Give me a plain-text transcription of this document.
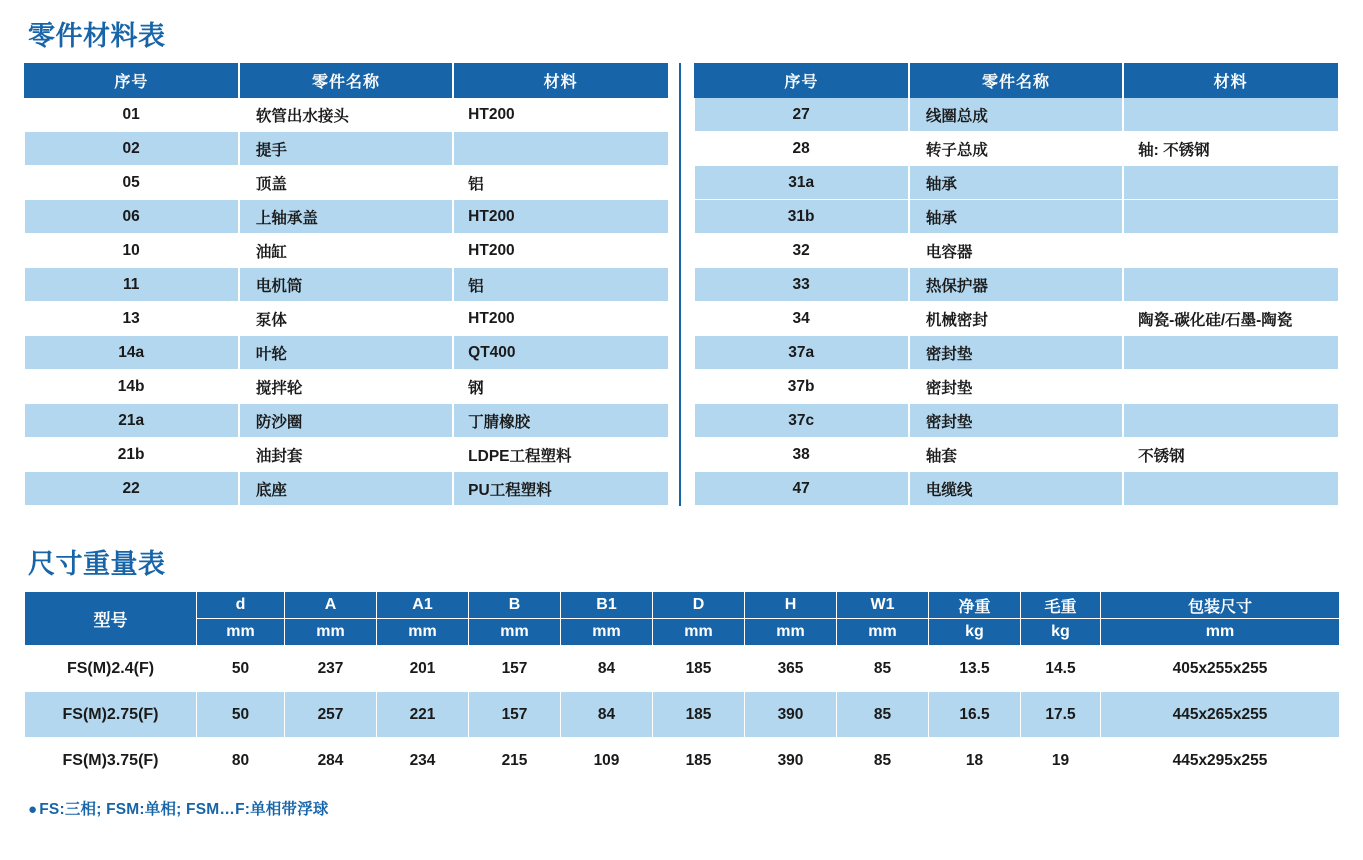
零件材料表
序号	零件名称	材料
01	软管出水接头	HT200
02	提手	
05	顶盖	铝
06	上轴承盖	HT200
10	油缸	HT200
11	电机筒	铝
13	泵体	HT200
14a	叶轮	QT400
14b	搅拌轮	钢
21a	防沙圈	丁腈橡胶
21b	油封套	LDPE工程塑料
22	底座	PU工程塑料
序号	零件名称	材料
27	线圈总成	
28	转子总成	轴: 不锈钢
31a	轴承	
31b	轴承	
32	电容器	
33	热保护器	
34	机械密封	陶瓷-碳化硅/石墨-陶瓷
37a	密封垫	
37b	密封垫	
37c	密封垫	
38	轴套	不锈钢
47	电缆线	
尺寸重量表
型号	d	A	A1	B	B1	D	H	W1	净重	毛重	包装尺寸
	mm	mm	mm	mm	mm	mm	mm	mm	kg	kg	mm
FS(M)2.4(F)	50	237	201	157	84	185	365	85	13.5	14.5	405x255x255
FS(M)2.75(F)	50	257	221	157	84	185	390	85	16.5	17.5	445x265x255
FS(M)3.75(F)	80	284	234	215	109	185	390	85	18	19	445x295x255
● FS:三相; FSM:单相; FSM…F:单相带浮球
